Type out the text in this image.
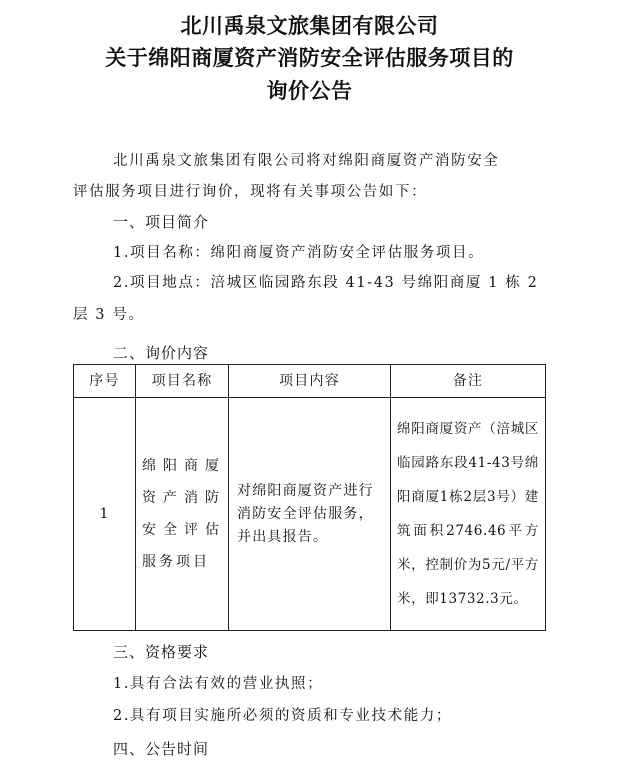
北川禹泉文旅集团有限公司
关于绵阳商厦资产消防安全评估服务项目的
询价公告
北川禹泉文旅集团有限公司将对绵阳商厦资产消防安全
评估服务项目进行询价，现将有关事项公告如下：
一、项目简介
1.项目名称：绵阳商厦资产消防安全评估服务项目。
2.项目地点：涪城区临园路东段 41-43 号绵阳商厦 1 栋 2
层 3 号。
二、询价内容
序号	项目名称	项目内容	备注
1	绵阳商厦资产消防安全评估服务项目	对绵阳商厦资产进行消防安全评估服务，并出具报告。	绵阳商厦资产（涪城区临园路东段41-43号绵阳商厦1栋2层3号）建筑面积2746.46平方米，控制价为5元/平方米，即13732.3元。
三、资格要求
1.具有合法有效的营业执照；
2.具有项目实施所必须的资质和专业技术能力；
四、公告时间
